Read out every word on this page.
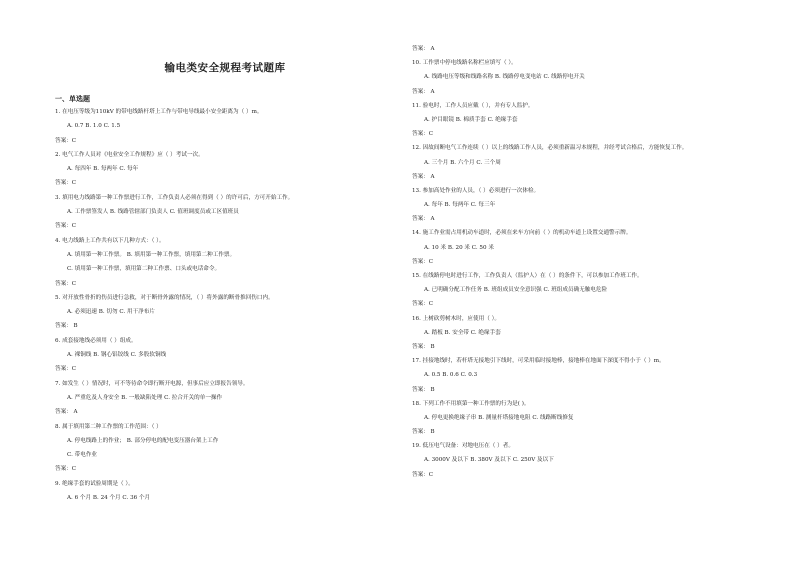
输电类安全规程考试题库
一、单选题
1. 在电压等级为110kV 的带电线路杆塔上工作与带电导线最小安全距离为（ ）m。
A. 0.7 B. 1.0 C. 1.5
答案：C
2. 电气工作人员对《电业安全工作规程》应（ ）考试一次。
A. 每四年 B. 每两年 C. 每年
答案：C
3. 填用电力线路第一种工作票进行工作，工作负责人必须在得到（ ）的许可后，方可开始工作。
A. 工作票签发人 B. 线路管辖部门负责人 C. 值班调度员或工区值班员
答案：C
4. 电力线路上工作共有以下几种方式：（ ）。
A. 填用第一种工作票。 B. 填用第一种工作票，填用第二种工作票。
C. 填用第一种工作票，填用第二种工作票、口头或电话命令。
答案：C
5. 对开放性骨折的伤员进行急救，对于断骨外露的情况，（ ）将外露的断骨推回伤口内。
A. 必须迅速 B. 切勿 C. 用干净布片
答案： B
6. 成套接地线必须用（ ）组成。
A. 裸铜线 B. 钢心铝铰线 C. 多股软铜线
答案：C
7. 如发生（ ）情况时，可不等待命令即行断开电源，但事后应立即报告领导。
A. 严重危及人身安全 B. 一般缺陷处理 C. 拉合开关的单一操作
答案： A
8. 属于填用第二种工作票的工作范围：（ ）
A. 停电线路上的作业； B. 部分停电的配电变压器台架上工作
C. 带电作业
答案：C
9. 绝缘手套的试验周期是（ ）。
A. 6 个月 B. 24 个月 C. 36 个月
答案： A
10. 工作票中停电线路名称栏应填写（ ）。
A. 线路电压等级和线路名称 B. 线路停电变电站 C. 线路停电开关
答案： A
11. 验电时，工作人员应戴（ ），并有专人监护。
A. 护目眼镜 B. 棉质手套 C. 绝缘手套
答案：C
12. 因故间断电气工作连续（ ）以上的线路工作人员，必须重新温习本规程，并经考试合格后，方能恢复工作。
A. 三个月 B. 六个月 C. 三个周
答案： A
13. 参加高处作业的人员，（ ）必须进行一次体检。
A. 每年 B. 每两年 C. 每三年
答案： A
14. 施工作业需占用机动车道时，必须在来车方向前（ ）的机动车道上设置交通警示牌。
A. 10 米 B. 20 米 C. 50 米
答案：C
15. 在线路停电时进行工作，工作负责人（监护人）在（ ）的条件下，可以参加工作班工作。
A. 已明确分配工作任务 B. 班组成员安全意识强 C. 班组成员确无触电危险
答案：C
16. 上树砍剪树木时，应使用（ ）。
A. 踏板 B. 安全带 C. 绝缘手套
答案： B
17. 挂接地线时，若杆塔无接地引下线时，可采用临时接地棒，接地棒在地面下深度不得小于（ ）m。
A. 0.5 B. 0.6 C. 0.3
答案： B
18. 下列工作不用填第一种工作票的行为是( )。
A. 停电更换绝缘子串 B. 测量杆塔接地电阻 C. 线路断线修复
答案： B
19. 低压电气设备：对地电压在（ ）者。
A. 3000V 及以下 B. 380V 及以下 C. 250V 及以下
答案：C
